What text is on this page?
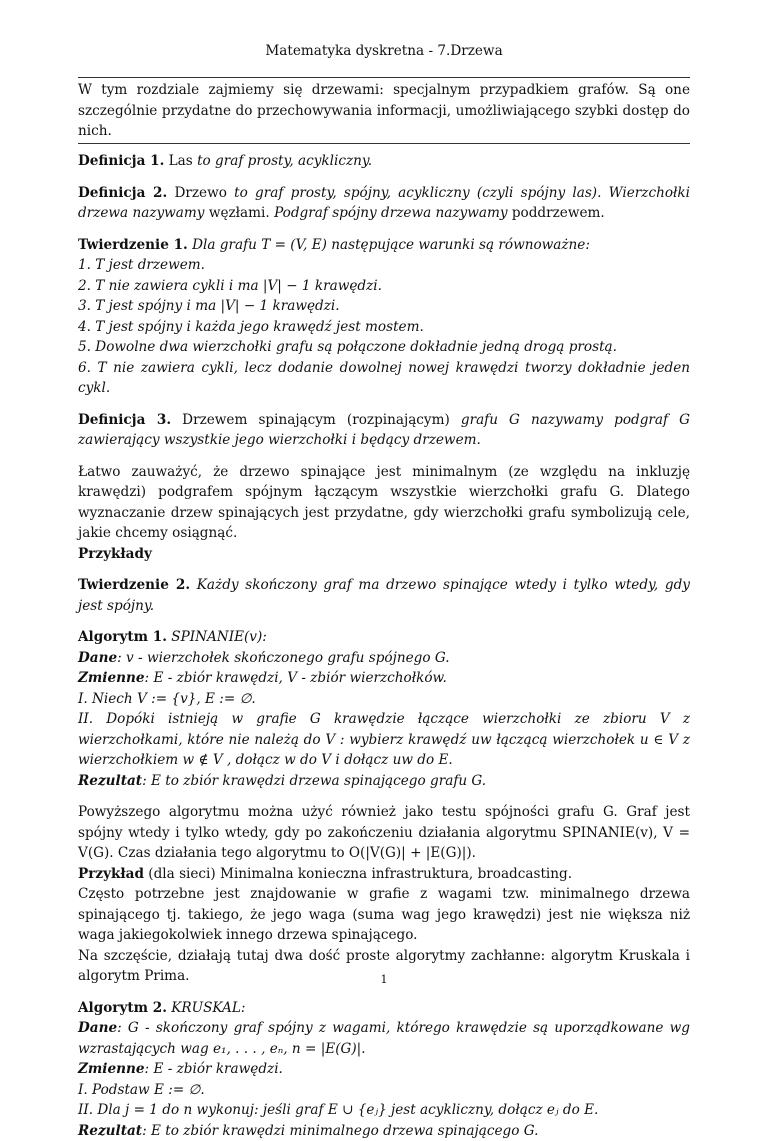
Matematyka dyskretna - 7.Drzewa

W tym rozdziale zajmiemy się drzewami: specjalnym przypadkiem grafów. Są one szczególnie przydatne do przechowywania informacji, umożliwiającego szybki dostęp do nich.

Definicja 1. Las to graf prosty, acykliczny.

Definicja 2. Drzewo to graf prosty, spójny, acykliczny (czyli spójny las). Wierzchołki drzewa nazywamy węzłami. Podgraf spójny drzewa nazywamy poddrzewem.

Twierdzenie 1. Dla grafu T = (V, E) następujące warunki są równoważne:

1. T jest drzewem.

2. T nie zawiera cykli i ma |V| − 1 krawędzi.

3. T jest spójny i ma |V| − 1 krawędzi.

4. T jest spójny i każda jego krawędź jest mostem.

5. Dowolne dwa wierzchołki grafu są połączone dokładnie jedną drogą prostą.

6. T nie zawiera cykli, lecz dodanie dowolnej nowej krawędzi tworzy dokładnie jeden cykl.

Definicja 3. Drzewem spinającym (rozpinającym) grafu G nazywamy podgraf G zawierający wszystkie jego wierzchołki i będący drzewem.

Łatwo zauważyć, że drzewo spinające jest minimalnym (ze względu na inkluzję krawędzi) podgrafem spójnym łączącym wszystkie wierzchołki grafu G. Dlatego wyznaczanie drzew spinających jest przydatne, gdy wierzchołki grafu symbolizują cele, jakie chcemy osiągnąć.

Przykłady

Twierdzenie 2. Każdy skończony graf ma drzewo spinające wtedy i tylko wtedy, gdy jest spójny.

Algorytm 1. SPINANIE(v):

Dane: v - wierzchołek skończonego grafu spójnego G.

Zmienne: E - zbiór krawędzi, V - zbiór wierzchołków.

I. Niech V := {v}, E := ∅.

II. Dopóki istnieją w grafie G krawędzie łączące wierzchołki ze zbioru V z wierzchołkami, które nie należą do V : wybierz krawędź uw łączącą wierzchołek u ∈ V z wierzchołkiem w ∉ V , dołącz w do V i dołącz uw do E.

Rezultat: E to zbiór krawędzi drzewa spinającego grafu G.

Powyższego algorytmu można użyć również jako testu spójności grafu G. Graf jest spójny wtedy i tylko wtedy, gdy po zakończeniu działania algorytmu SPINANIE(v), V = V(G). Czas działania tego algorytmu to O(|V(G)| + |E(G)|).

Przykład (dla sieci) Minimalna konieczna infrastruktura, broadcasting.

Często potrzebne jest znajdowanie w grafie z wagami tzw. minimalnego drzewa spinającego tj. takiego, że jego waga (suma wag jego krawędzi) jest nie większa niż waga jakiegokolwiek innego drzewa spinającego.

Na szczęście, działają tutaj dwa dość proste algorytmy zachłanne: algorytm Kruskala i algorytm Prima.

Algorytm 2. KRUSKAL:

Dane: G - skończony graf spójny z wagami, którego krawędzie są uporządkowane wg wzrastających wag e₁, . . . , eₙ, n = |E(G)|.

Zmienne: E - zbiór krawędzi.

I. Podstaw E := ∅.

II. Dla j = 1 do n wykonuj: jeśli graf E ∪ {eⱼ} jest acykliczny, dołącz eⱼ do E.

Rezultat: E to zbiór krawędzi minimalnego drzewa spinającego G.

1
